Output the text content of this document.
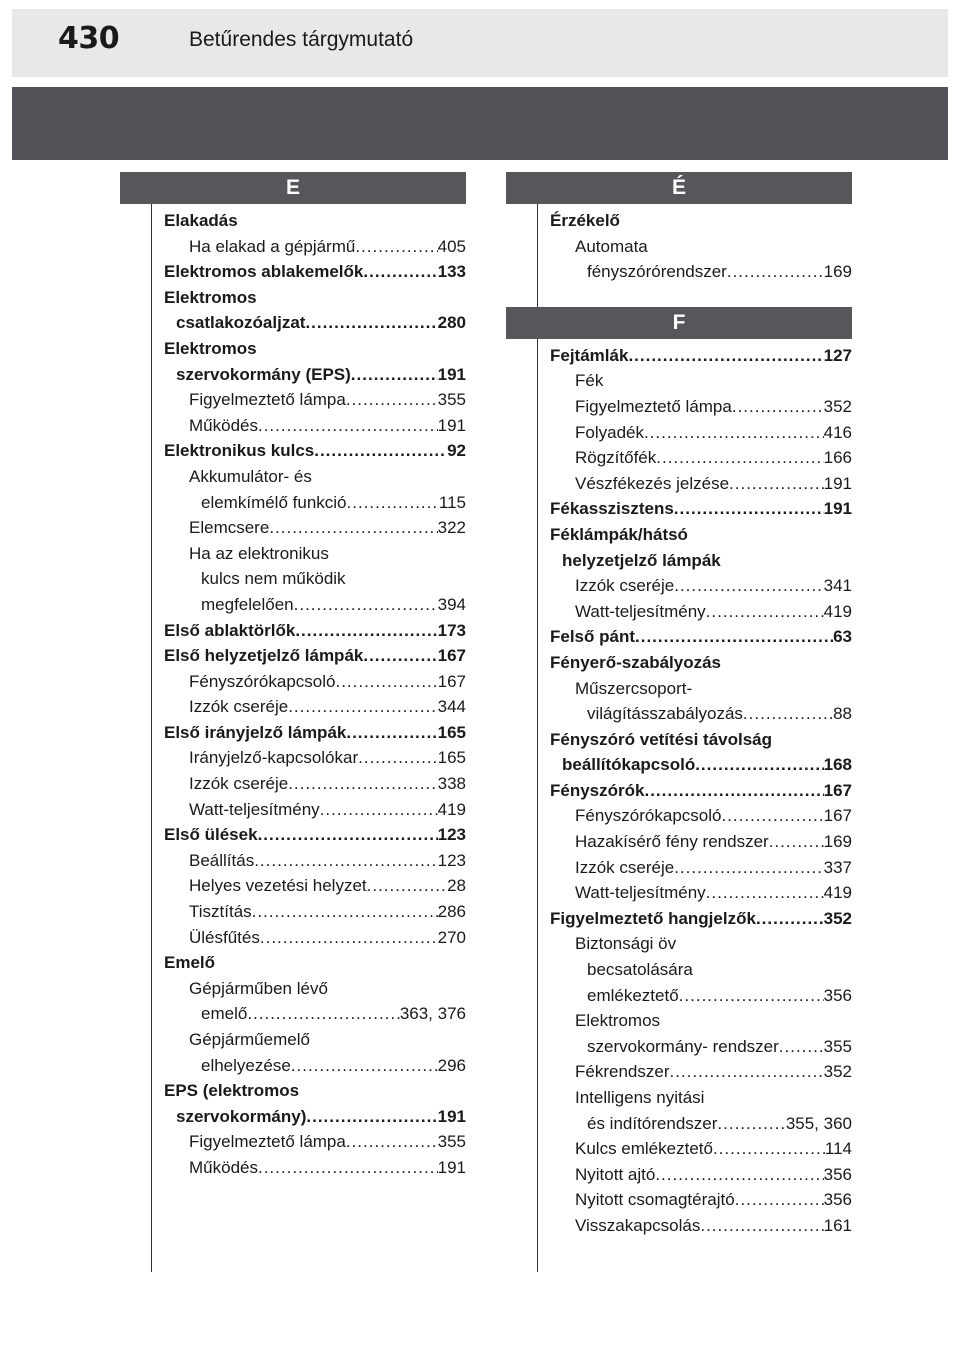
430	Betűrendes tárgymutató
E
Elakadás
Ha elakad a gépjármű .....	405
Elektromos ablakemelők .....	133
Elektromos
csatlakozóaljzat .....	280
Elektromos
szervokormány (EPS) .....	191
Figyelmeztető lámpa .....	355
Működés .....	191
Elektronikus kulcs .....	92
Akkumulátor- és
elemkímélő funkció .....	115
Elemcsere .....	322
Ha az elektronikus
kulcs nem működik
megfelelően .....	394
Első ablaktörlők .....	173
Első helyzetjelző lámpák .....	167
Fényszórókapcsoló .....	167
Izzók cseréje .....	344
Első irányjelző lámpák .....	165
Irányjelző-kapcsolókar .....	165
Izzók cseréje .....	338
Watt-teljesítmény .....	419
Első ülések .....	123
Beállítás .....	123
Helyes vezetési helyzet .....	28
Tisztítás .....	286
Ülésfűtés .....	270
Emelő
Gépjárműben lévő
emelő .....	363, 376
Gépjárműemelő
elhelyezése .....	296
EPS (elektromos
szervokormány) .....	191
Figyelmeztető lámpa .....	355
Működés .....	191
É
Érzékelő
Automata
fényszórórendszer .....	169
F
Fejtámlák .....	127
Fék
Figyelmeztető lámpa .....	352
Folyadék .....	416
Rögzítőfék .....	166
Vészfékezés jelzése .....	191
Fékasszisztens .....	191
Féklámpák/hátsó
helyzetjelző lámpák
Izzók cseréje .....	341
Watt-teljesítmény .....	419
Felső pánt .....	63
Fényerő-szabályozás
Műszercsoport-
világításszabályozás .....	88
Fényszóró vetítési távolság
beállítókapcsoló .....	168
Fényszórók .....	167
Fényszórókapcsoló .....	167
Hazakísérő fény rendszer .....	169
Izzók cseréje .....	337
Watt-teljesítmény .....	419
Figyelmeztető hangjelzők .....	352
Biztonsági öv
becsatolására
emlékeztető .....	356
Elektromos
szervokormány- rendszer .....	355
Fékrendszer .....	352
Intelligens nyitási
és indítórendszer .....	355, 360
Kulcs emlékeztető .....	114
Nyitott ajtó .....	356
Nyitott csomagtérajtó .....	356
Visszakapcsolás .....	161
